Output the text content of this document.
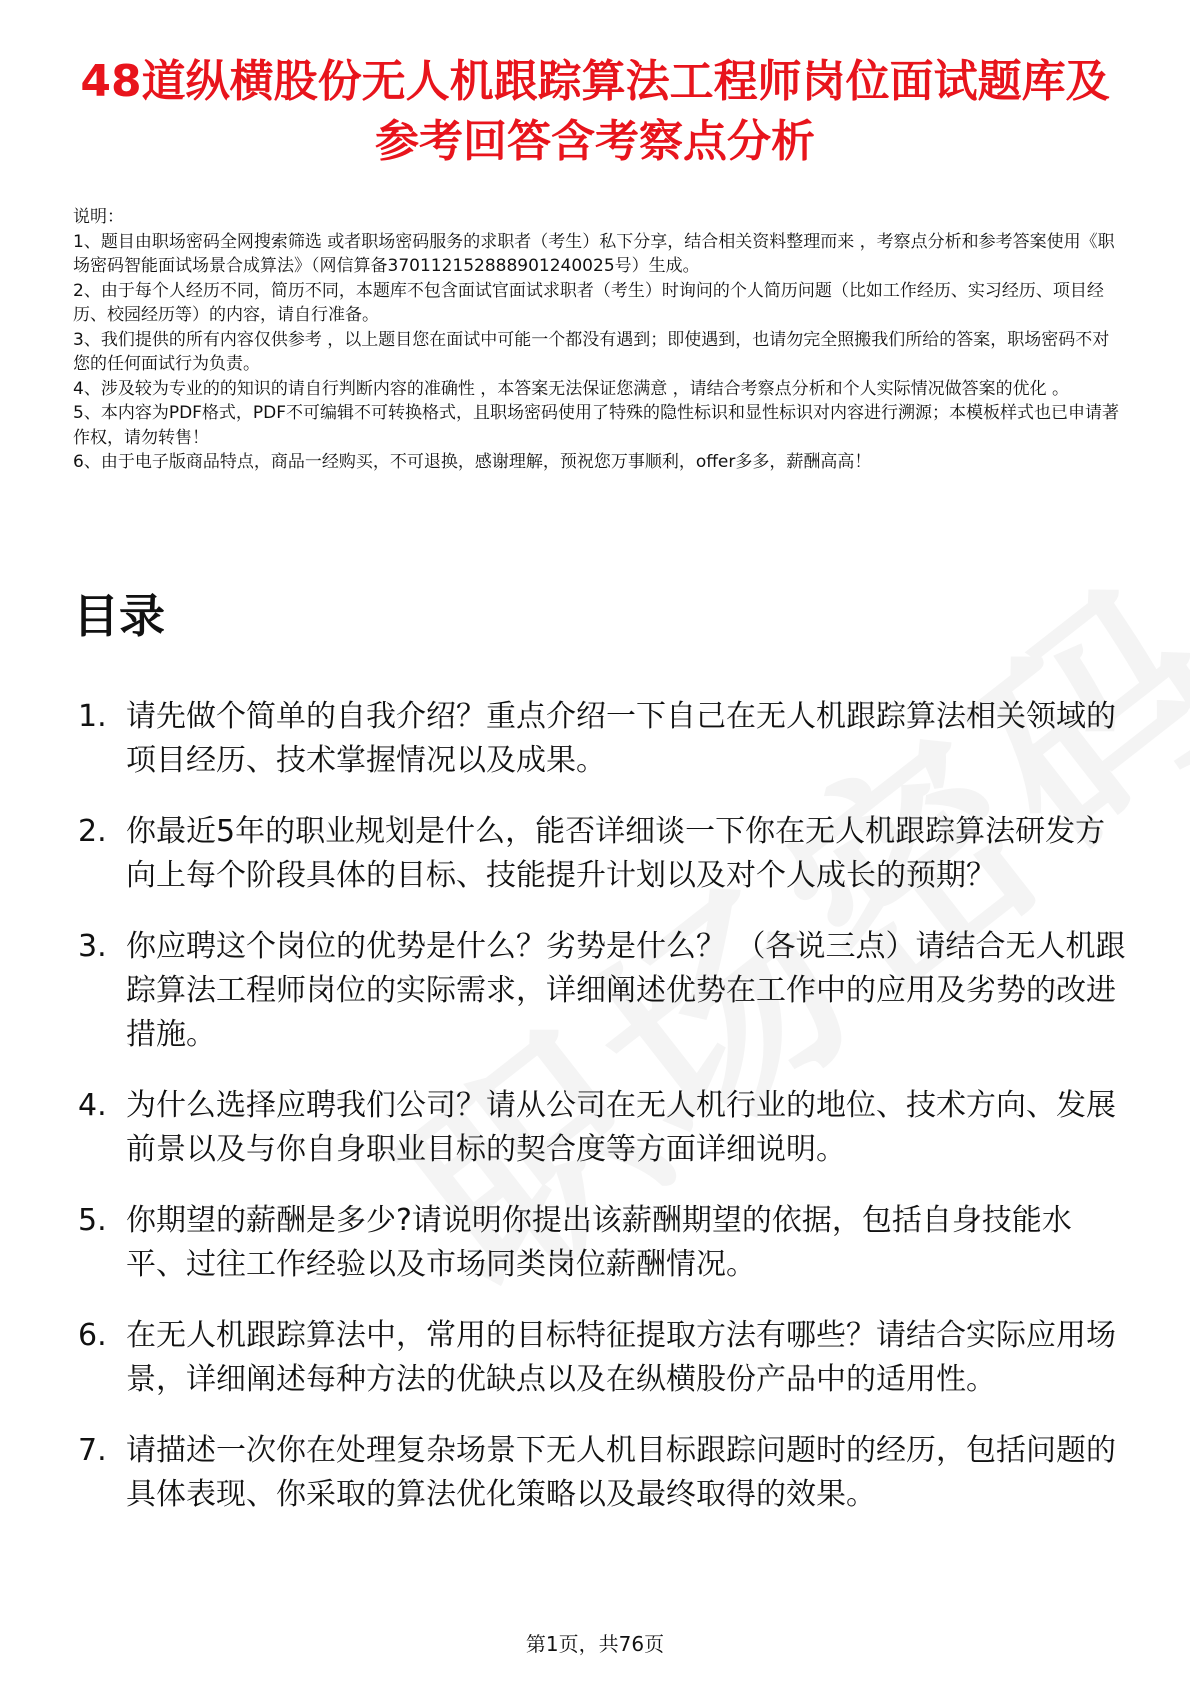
48道纵横股份无人机跟踪算法工程师岗位面试题库及参考回答含考察点分析

说明：

1、题目由职场密码全网搜索筛选 或者职场密码服务的求职者（考生）私下分享，结合相关资料整理而来 ，考察点分析和参考答案使用《职场密码智能面试场景合成算法》（网信算备370112152888901240025号）生成。

2、由于每个人经历不同，简历不同，本题库不包含面试官面试求职者（考生）时询问的个人简历问题（比如工作经历、实习经历、项目经历、校园经历等）的内容，请自行准备。

3、我们提供的所有内容仅供参考 ，以上题目您在面试中可能一个都没有遇到；即使遇到，也请勿完全照搬我们所给的答案，职场密码不对您的任何面试行为负责。

4、涉及较为专业的的知识的请自行判断内容的准确性 ，本答案无法保证您满意 ，请结合考察点分析和个人实际情况做答案的优化 。

5、本内容为PDF格式，PDF不可编辑不可转换格式，且职场密码使用了特殊的隐性标识和显性标识对内容进行溯源；本模板样式也已申请著作权，请勿转售！

6、由于电子版商品特点，商品一经购买，不可退换，感谢理解，预祝您万事顺利，offer多多，薪酬高高！

目录
1. 请先做个简单的自我介绍？重点介绍一下自己在无人机跟踪算法相关领域的项目经历、技术掌握情况以及成果。
2. 你最近5年的职业规划是什么，能否详细谈一下你在无人机跟踪算法研发方向上每个阶段具体的目标、技能提升计划以及对个人成长的预期？
3. 你应聘这个岗位的优势是什么？劣势是什么？ （各说三点）请结合无人机跟踪算法工程师岗位的实际需求，详细阐述优势在工作中的应用及劣势的改进措施。
4. 为什么选择应聘我们公司？请从公司在无人机行业的地位、技术方向、发展前景以及与你自身职业目标的契合度等方面详细说明。
5. 你期望的薪酬是多少?请说明你提出该薪酬期望的依据，包括自身技能水平、过往工作经验以及市场同类岗位薪酬情况。
6. 在无人机跟踪算法中，常用的目标特征提取方法有哪些？请结合实际应用场景，详细阐述每种方法的优缺点以及在纵横股份产品中的适用性。
7. 请描述一次你在处理复杂场景下无人机目标跟踪问题时的经历，包括问题的具体表现、你采取的算法优化策略以及最终取得的效果。
第1页，共76页
